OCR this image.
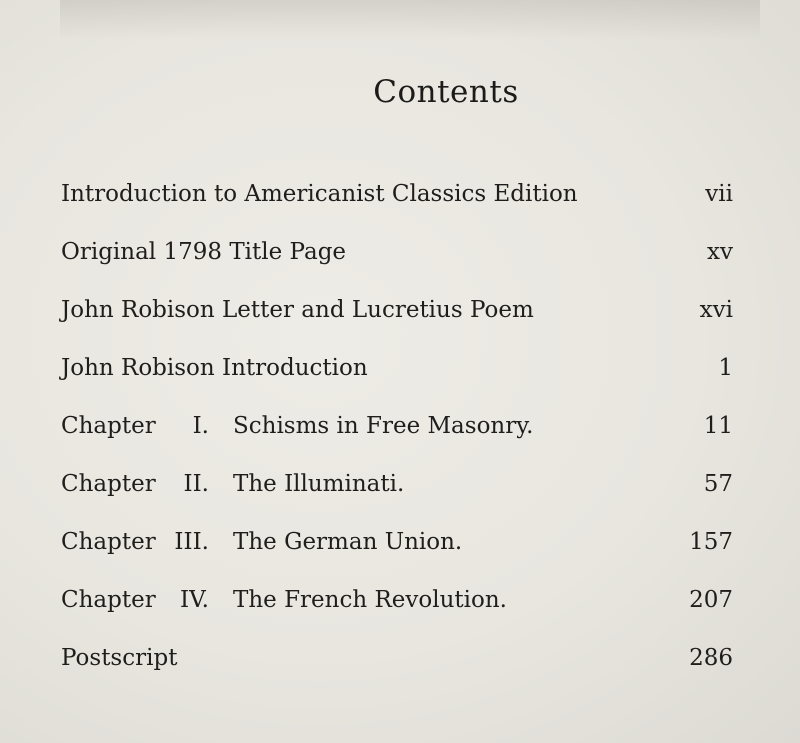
Contents
Introduction to Americanist Classics Edition	vii
Original 1798 Title Page	xv
John Robison Letter and Lucretius Poem	xvi
John Robison Introduction	1
Chapter	I. Schisms in Free Masonry.	11
Chapter	II. The Illuminati.	57
Chapter III. The German Union.	157
Chapter	IV. The French Revolution.	207
Postscript	286
